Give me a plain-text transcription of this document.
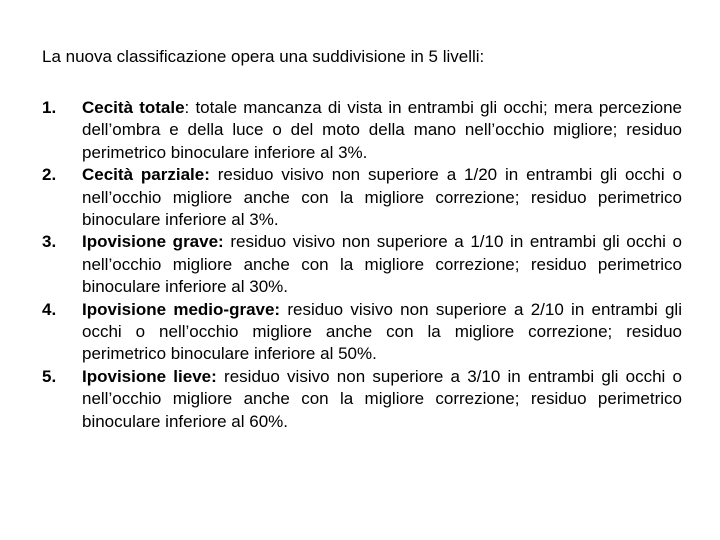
La nuova classificazione opera una suddivisione in 5 livelli:
1. Cecità totale: totale mancanza di vista in entrambi gli occhi; mera percezione dell’ombra e della luce o del moto della mano nell’occhio migliore; residuo perimetrico binoculare inferiore al 3%.
2. Cecità parziale: residuo visivo non superiore a 1/20 in entrambi gli occhi o nell’occhio migliore anche con la migliore correzione; residuo perimetrico binoculare inferiore al 3%.
3. Ipovisione grave: residuo visivo non superiore a 1/10 in entrambi gli occhi o nell’occhio migliore anche con la migliore correzione; residuo perimetrico binoculare inferiore al 30%.
4. Ipovisione medio-grave: residuo visivo non superiore a 2/10 in entrambi gli occhi o nell’occhio migliore anche con la migliore correzione; residuo perimetrico binoculare inferiore al 50%.
5. Ipovisione lieve: residuo visivo non superiore a 3/10 in entrambi gli occhi o nell’occhio migliore anche con la migliore correzione; residuo perimetrico binoculare inferiore al 60%.
